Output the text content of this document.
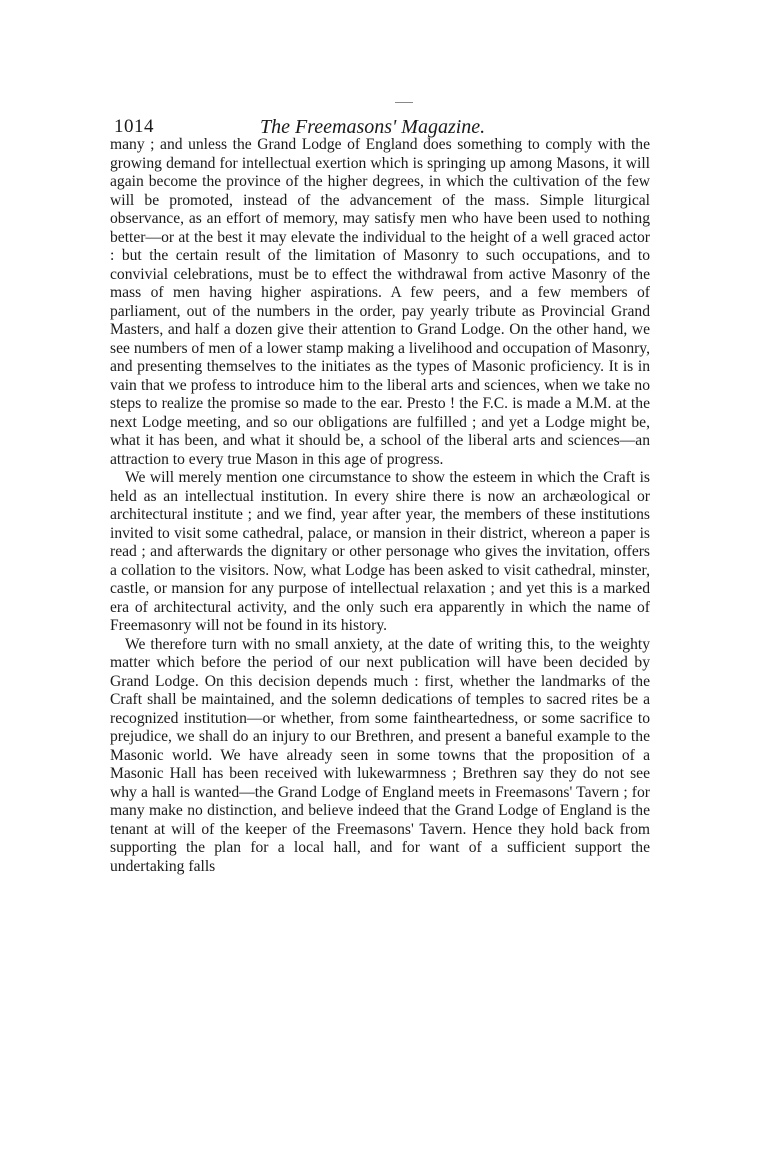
1014	The Freemasons' Magazine.

many ; and unless the Grand Lodge of England does something to comply with the growing demand for intellectual exertion which is springing up among Masons, it will again become the province of the higher degrees, in which the cultivation of the few will be promoted, instead of the advancement of the mass. Simple liturgical observance, as an effort of memory, may satisfy men who have been used to nothing better—or at the best it may elevate the individual to the height of a well graced actor : but the certain result of the limitation of Masonry to such occupations, and to convivial celebrations, must be to effect the withdrawal from active Masonry of the mass of men having higher aspirations. A few peers, and a few members of parliament, out of the numbers in the order, pay yearly tribute as Provincial Grand Masters, and half a dozen give their attention to Grand Lodge. On the other hand, we see numbers of men of a lower stamp making a livelihood and occupation of Masonry, and presenting themselves to the initiates as the types of Masonic proficiency. It is in vain that we profess to introduce him to the liberal arts and sciences, when we take no steps to realize the promise so made to the ear. Presto ! the F.C. is made a M.M. at the next Lodge meeting, and so our obligations are fulfilled ; and yet a Lodge might be, what it has been, and what it should be, a school of the liberal arts and sciences—an attraction to every true Mason in this age of progress.

We will merely mention one circumstance to show the esteem in which the Craft is held as an intellectual institution. In every shire there is now an archæological or architectural institute ; and we find, year after year, the members of these institutions invited to visit some cathedral, palace, or mansion in their district, whereon a paper is read ; and afterwards the dignitary or other personage who gives the invitation, offers a collation to the visitors. Now, what Lodge has been asked to visit cathedral, minster, castle, or mansion for any purpose of intellectual relaxation ; and yet this is a marked era of architectural activity, and the only such era apparently in which the name of Freemasonry will not be found in its history.

We therefore turn with no small anxiety, at the date of writing this, to the weighty matter which before the period of our next publication will have been decided by Grand Lodge. On this decision depends much : first, whether the landmarks of the Craft shall be maintained, and the solemn dedications of temples to sacred rites be a recognized institution—or whether, from some faintheartedness, or some sacrifice to prejudice, we shall do an injury to our Brethren, and present a baneful example to the Masonic world. We have already seen in some towns that the proposition of a Masonic Hall has been received with lukewarmness ; Brethren say they do not see why a hall is wanted—the Grand Lodge of England meets in Freemasons' Tavern ; for many make no distinction, and believe indeed that the Grand Lodge of England is the tenant at will of the keeper of the Freemasons' Tavern. Hence they hold back from supporting the plan for a local hall, and for want of a sufficient support the undertaking falls
